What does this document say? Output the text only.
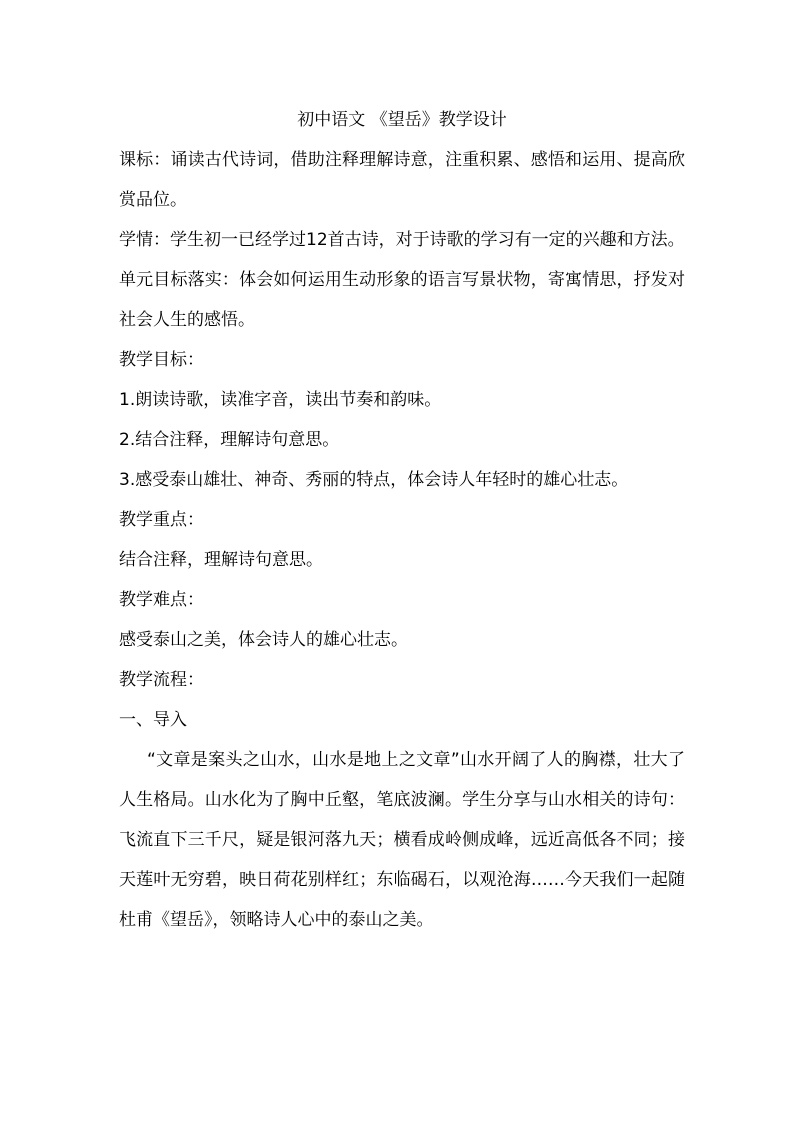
初中语文 《望岳》教学设计

课标：诵读古代诗词，借助注释理解诗意，注重积累、感悟和运用、提高欣赏品位。

学情：学生初一已经学过12首古诗，对于诗歌的学习有一定的兴趣和方法。

单元目标落实：体会如何运用生动形象的语言写景状物，寄寓情思，抒发对社会人生的感悟。

教学目标：

1.朗读诗歌，读准字音，读出节奏和韵味。

2.结合注释，理解诗句意思。

3.感受泰山雄壮、神奇、秀丽的特点，体会诗人年轻时的雄心壮志。

教学重点：

结合注释，理解诗句意思。

教学难点：

感受泰山之美，体会诗人的雄心壮志。

教学流程：

一、导入

“文章是案头之山水，山水是地上之文章”山水开阔了人的胸襟，壮大了人生格局。山水化为了胸中丘壑，笔底波澜。学生分享与山水相关的诗句：飞流直下三千尺，疑是银河落九天；横看成岭侧成峰，远近高低各不同；接天莲叶无穷碧，映日荷花别样红；东临碣石，以观沧海……今天我们一起随杜甫《望岳》，领略诗人心中的泰山之美。
